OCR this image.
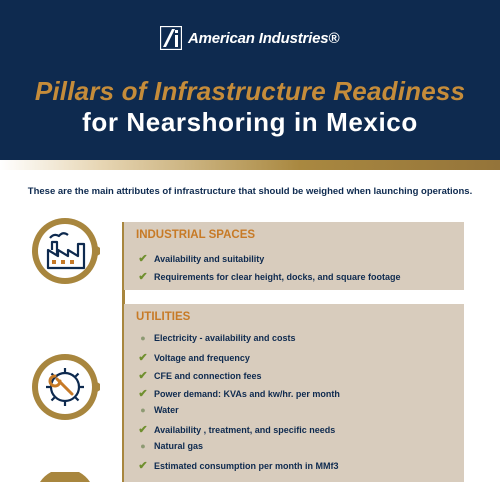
American Industries®
Pillars of Infrastructure Readiness
for Nearshoring in Mexico
These are the main attributes of infrastructure that should be weighed when launching operations.
INDUSTRIAL SPACES
✔ Availability and suitability
✔ Requirements for clear height, docks, and square footage
UTILITIES
● Electricity - availability and costs
✔ Voltage and frequency
✔ CFE and connection fees
✔ Power demand: KVAs and kw/hr. per month
● Water
✔ Availability , treatment, and specific needs
● Natural gas
✔ Estimated consumption per month in MMf3
